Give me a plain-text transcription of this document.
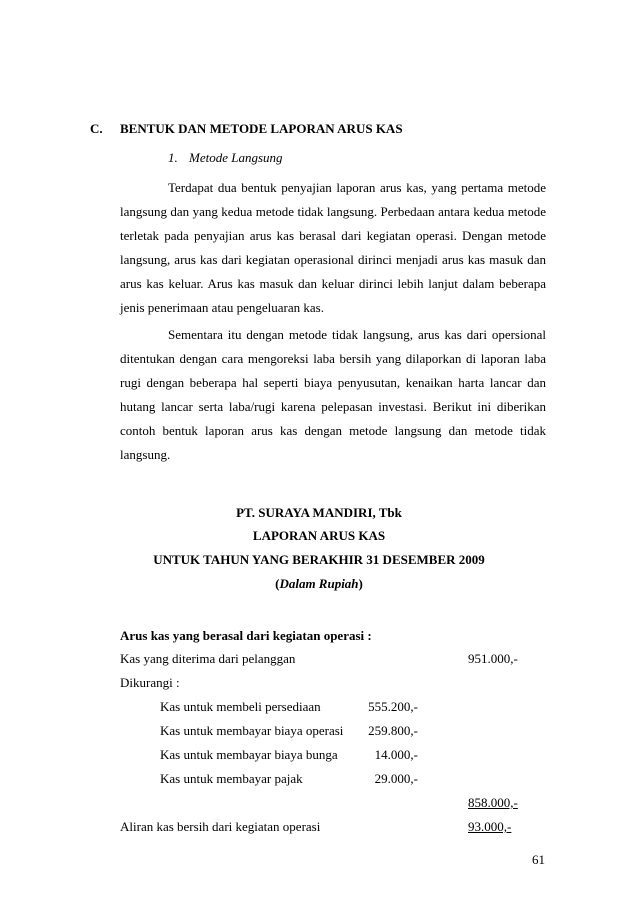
C. BENTUK DAN METODE LAPORAN ARUS KAS
1. Metode Langsung
Terdapat dua bentuk penyajian laporan arus kas, yang pertama metode
langsung dan yang kedua metode tidak langsung. Perbedaan antara kedua metode
terletak pada penyajian arus kas berasal dari kegiatan operasi. Dengan metode
langsung, arus kas dari kegiatan operasional dirinci menjadi arus kas masuk dan
arus kas keluar. Arus kas masuk dan keluar dirinci lebih lanjut dalam beberapa
jenis penerimaan atau pengeluaran kas.
Sementara itu dengan metode tidak langsung, arus kas dari opersional
ditentukan dengan cara mengoreksi laba bersih yang dilaporkan di laporan laba
rugi dengan beberapa hal seperti biaya penyusutan, kenaikan harta lancar dan
hutang lancar serta laba/rugi karena pelepasan investasi. Berikut ini diberikan
contoh bentuk laporan arus kas dengan metode langsung dan metode tidak
langsung.
PT. SURAYA MANDIRI, Tbk
LAPORAN ARUS KAS
UNTUK TAHUN YANG BERAKHIR 31 DESEMBER 2009
(Dalam Rupiah)
Arus kas yang berasal dari kegiatan operasi :
Kas yang diterima dari pelanggan	951.000,-
Dikurangi :
Kas untuk membeli persediaan	555.200,-
Kas untuk membayar biaya operasi	259.800,-
Kas untuk membayar biaya bunga	14.000,-
Kas untuk membayar pajak	29.000,-
858.000,-
Aliran kas bersih dari kegiatan operasi	93.000,-
61
